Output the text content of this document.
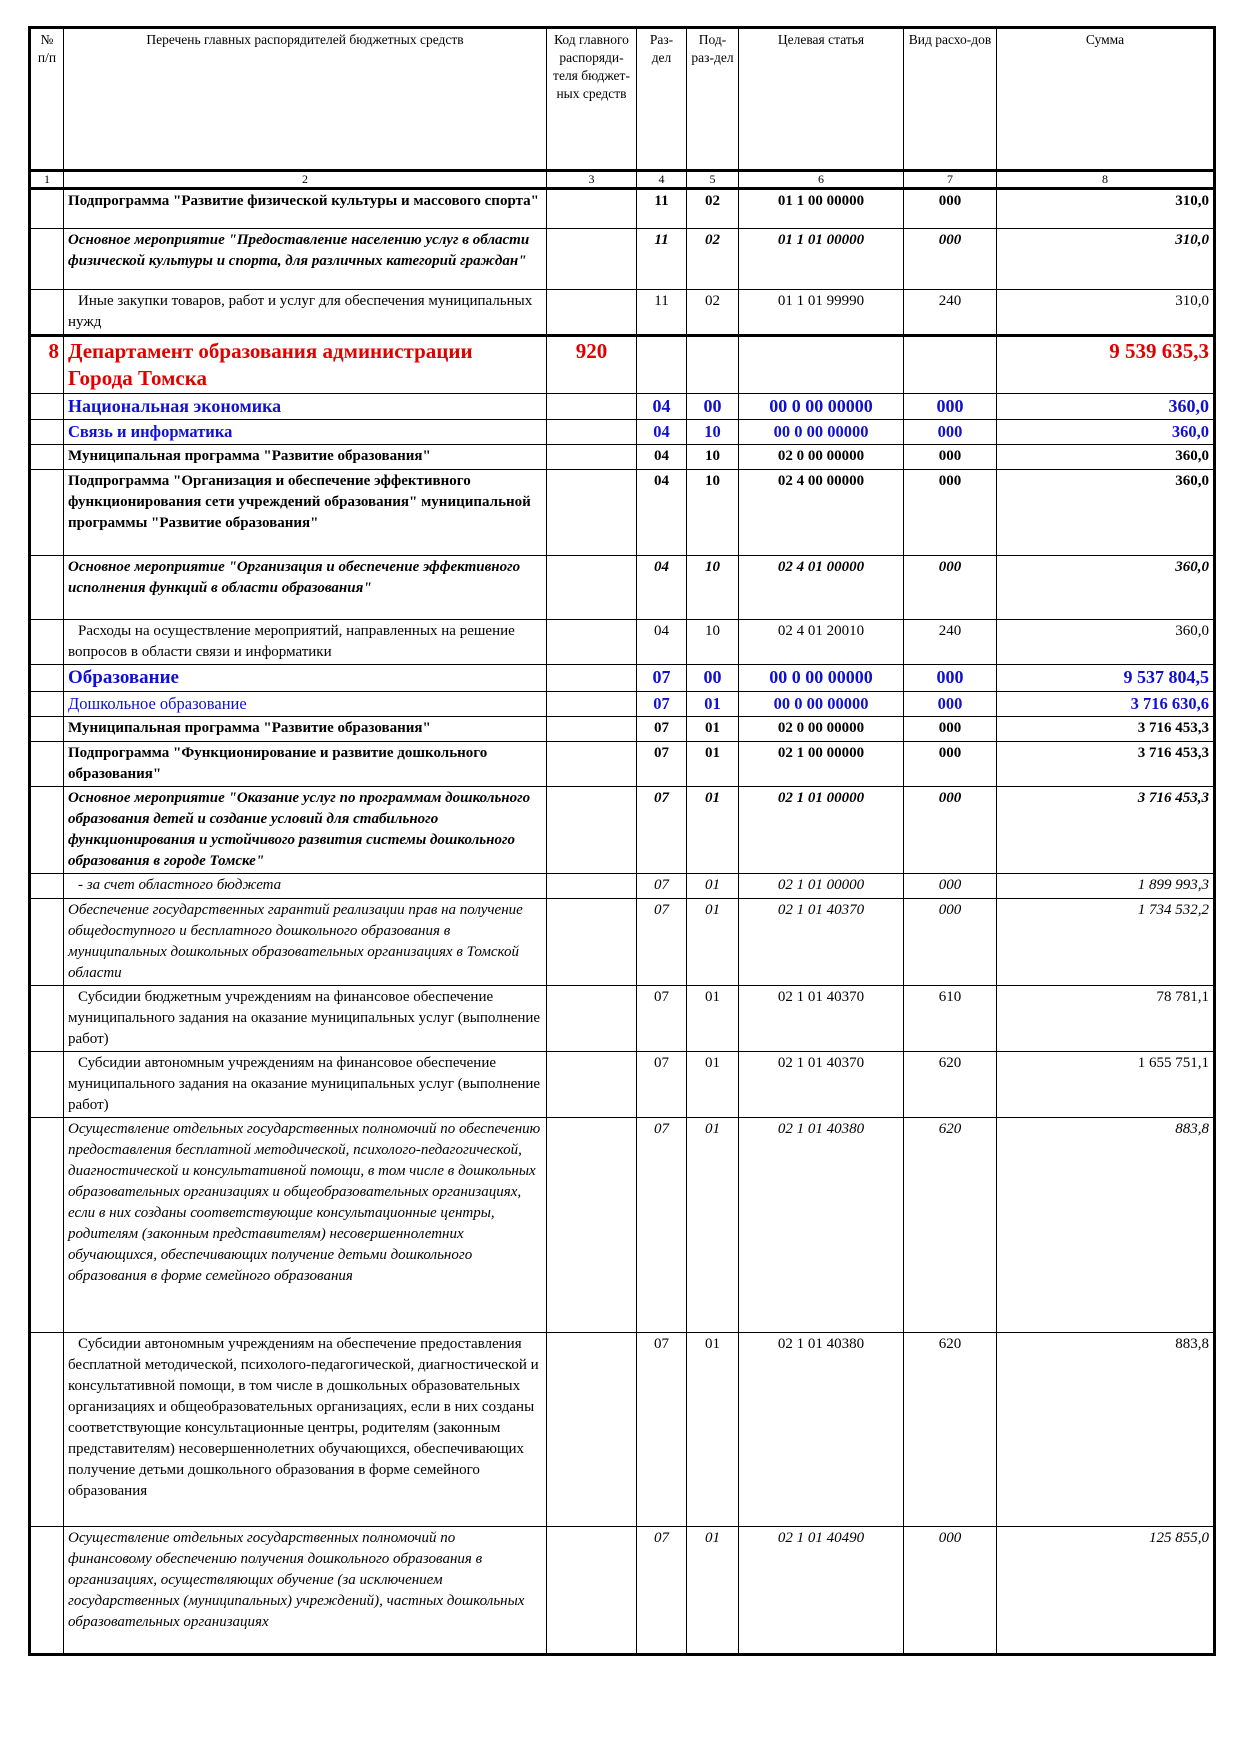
№ п/п	Перечень главных распорядителей бюджетных средств	Код главного распоряди-теля бюджет-ных средств	Раз-дел	Под-раз-дел	Целевая статья	Вид расхо-дов	Сумма
1	2	3	4	5	6	7	8
	Подпрограмма "Развитие физической культуры и массового спорта"		11	02	01 1 00 00000	000	310,0
	Основное мероприятие "Предоставление населению услуг в области физической культуры и спорта, для различных категорий граждан"		11	02	01 1 01 00000	000	310,0
	Иные закупки товаров, работ и услуг для обеспечения муниципальных нужд		11	02	01 1 01 99990	240	310,0
8	Департамент образования администрации Города Томска	920					9 539 635,3
	Национальная экономика		04	00	00 0 00 00000	000	360,0
	Связь и информатика		04	10	00 0 00 00000	000	360,0
	Муниципальная программа "Развитие образования"		04	10	02 0 00 00000	000	360,0
	Подпрограмма "Организация и обеспечение эффективного функционирования сети учреждений образования" муниципальной программы "Развитие образования"		04	10	02 4 00 00000	000	360,0
	Основное мероприятие "Организация и обеспечение эффективного исполнения функций в области образования"		04	10	02 4 01 00000	000	360,0
	Расходы на осуществление мероприятий, направленных на решение вопросов в области связи и информатики		04	10	02 4 01 20010	240	360,0
	Образование		07	00	00 0 00 00000	000	9 537 804,5
	Дошкольное образование		07	01	00 0 00 00000	000	3 716 630,6
	Муниципальная программа "Развитие образования"		07	01	02 0 00 00000	000	3 716 453,3
	Подпрограмма "Функционирование и развитие дошкольного образования"		07	01	02 1 00 00000	000	3 716 453,3
	Основное мероприятие "Оказание услуг по программам дошкольного образования детей и создание условий для стабильного функционирования и устойчивого развития системы дошкольного образования в городе Томске"		07	01	02 1 01 00000	000	3 716 453,3
	- за счет областного бюджета		07	01	02 1 01 00000	000	1 899 993,3
	Обеспечение государственных гарантий реализации прав на получение общедоступного и бесплатного дошкольного образования в муниципальных дошкольных образовательных организациях в Томской области		07	01	02 1 01 40370	000	1 734 532,2
	Субсидии бюджетным учреждениям на финансовое обеспечение муниципального задания на оказание муниципальных услуг (выполнение работ)		07	01	02 1 01 40370	610	78 781,1
	Субсидии автономным учреждениям на финансовое обеспечение муниципального задания на оказание муниципальных услуг (выполнение работ)		07	01	02 1 01 40370	620	1 655 751,1
	Осуществление отдельных государственных полномочий по обеспечению предоставления бесплатной методической, психолого-педагогической, диагностической и консультативной помощи, в том числе в дошкольных образовательных организациях и общеобразовательных организациях, если в них созданы соответствующие консультационные центры, родителям (законным представителям) несовершеннолетних обучающихся, обеспечивающих получение детьми дошкольного образования в форме семейного образования		07	01	02 1 01 40380	620	883,8
	Субсидии автономным учреждениям на обеспечение предоставления бесплатной методической, психолого-педагогической, диагностической и консультативной помощи, в том числе в дошкольных образовательных организациях и общеобразовательных организациях, если в них созданы соответствующие консультационные центры, родителям (законным представителям) несовершеннолетних обучающихся, обеспечивающих получение детьми дошкольного образования в форме семейного образования		07	01	02 1 01 40380	620	883,8
	Осуществление отдельных государственных полномочий по финансовому обеспечению получения дошкольного образования в организациях, осуществляющих обучение (за исключением государственных (муниципальных) учреждений), частных дошкольных образовательных организациях		07	01	02 1 01 40490	000	125 855,0
